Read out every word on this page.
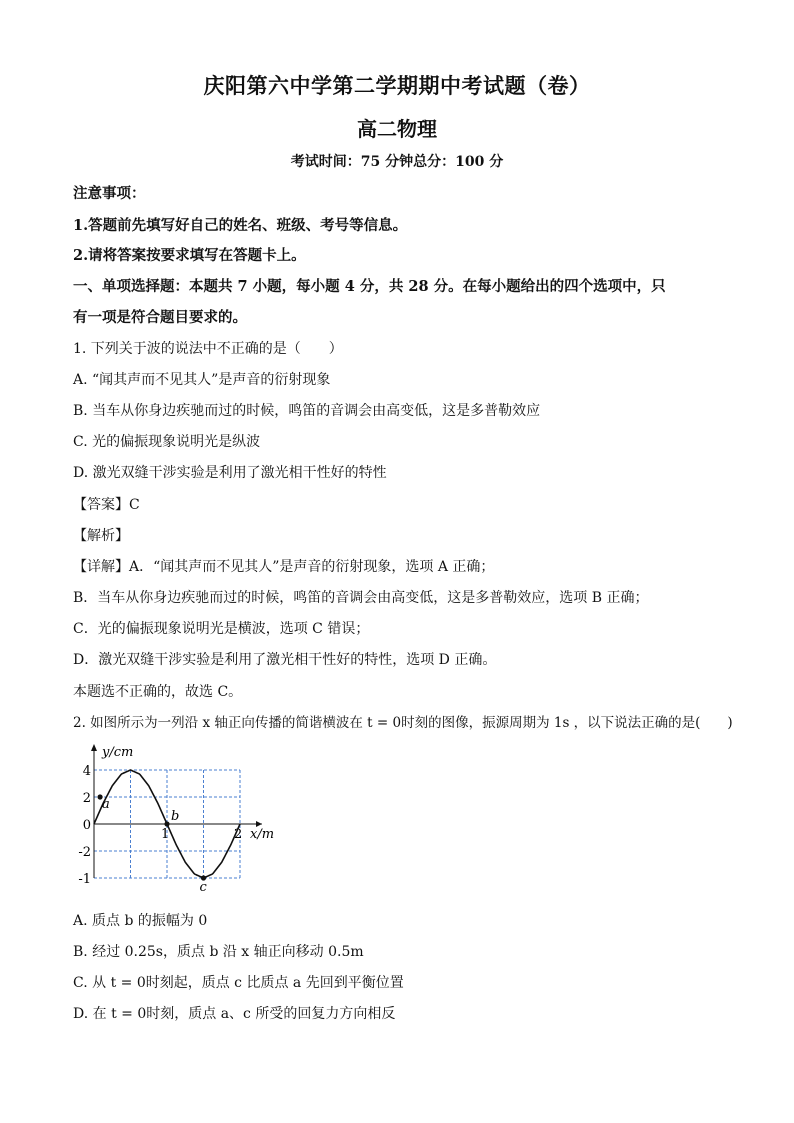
庆阳第六中学第二学期期中考试题（卷）
高二物理
考试时间：75 分钟总分：100 分
注意事项：
1.答题前先填写好自己的姓名、班级、考号等信息。
2.请将答案按要求填写在答题卡上。
一、单项选择题：本题共 7 小题，每小题 4 分，共 28 分。在每小题给出的四个选项中，只
有一项是符合题目要求的。
1. 下列关于波的说法中不正确的是（　　）
A. “闻其声而不见其人”是声音的衍射现象
B. 当车从你身边疾驰而过的时候，鸣笛的音调会由高变低，这是多普勒效应
C. 光的偏振现象说明光是纵波
D. 激光双缝干涉实验是利用了激光相干性好的特性
【答案】C
【解析】
【详解】A．“闻其声而不见其人”是声音的衍射现象，选项 A 正确；
B．当车从你身边疾驰而过的时候，鸣笛的音调会由高变低，这是多普勒效应，选项 B 正确；
C．光的偏振现象说明光是横波，选项 C 错误；
D．激光双缝干涉实验是利用了激光相干性好的特性，选项 D 正确。
本题选不正确的，故选 C。
2. 如图所示为一列沿 x 轴正向传播的简谐横波在 t = 0时刻的图像，振源周期为 1s ，以下说法正确的是(　　)
y/cm
x/m
4
2
0
-2
-1
1	2
a
b
c
A. 质点 b 的振幅为 0
B. 经过 0.25s，质点 b 沿 x 轴正向移动 0.5m
C. 从 t = 0时刻起，质点 c 比质点 a 先回到平衡位置
D. 在 t = 0时刻，质点 a、c 所受的回复力方向相反
